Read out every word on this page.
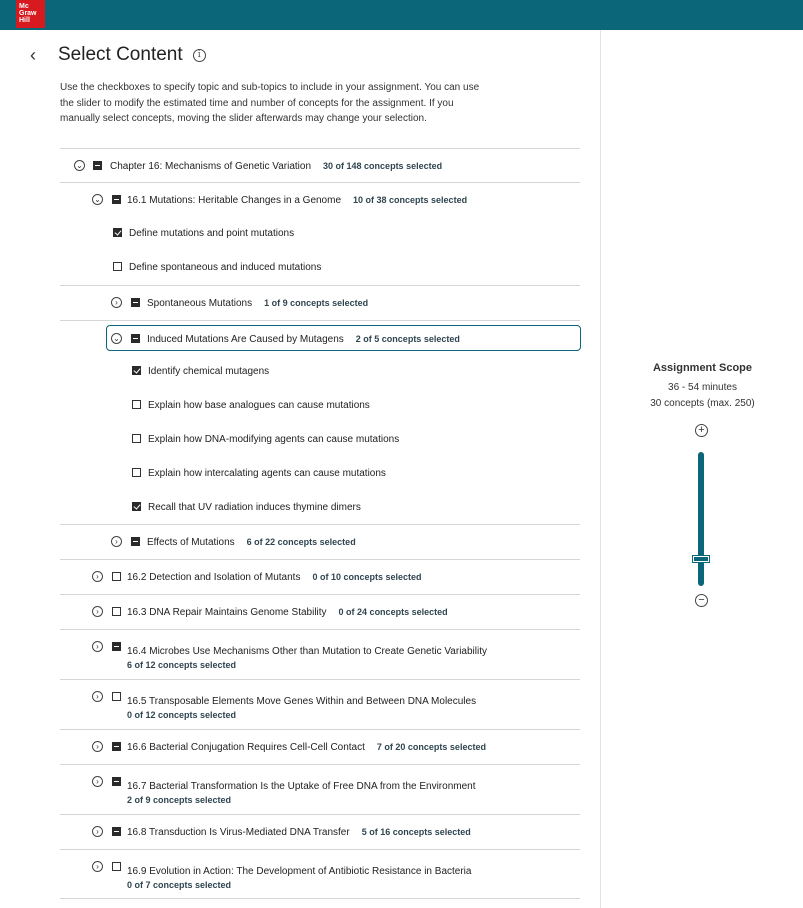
Mc
Graw
Hill
‹	Select Content	i
Use the checkboxes to specify topic and sub-topics to include in your assignment. You can use the slider to modify the estimated time and number of concepts for the assignment. If you manually select concepts, moving the slider afterwards may change your selection.
⌄	Chapter 16: Mechanisms of Genetic Variation 30 of 148 concepts selected
⌄	16.1 Mutations: Heritable Changes in a Genome 10 of 38 concepts selected
Define mutations and point mutations
Define spontaneous and induced mutations
›	Spontaneous Mutations 1 of 9 concepts selected
⌄	Induced Mutations Are Caused by Mutagens 2 of 5 concepts selected
Identify chemical mutagens
Explain how base analogues can cause mutations
Explain how DNA-modifying agents can cause mutations
Explain how intercalating agents can cause mutations
Recall that UV radiation induces thymine dimers
›	Effects of Mutations 6 of 22 concepts selected
›	16.2 Detection and Isolation of Mutants 0 of 10 concepts selected
›	16.3 DNA Repair Maintains Genome Stability 0 of 24 concepts selected
›	16.4 Microbes Use Mechanisms Other than Mutation to Create Genetic Variability
6 of 12 concepts selected
›	16.5 Transposable Elements Move Genes Within and Between DNA Molecules
0 of 12 concepts selected
›	16.6 Bacterial Conjugation Requires Cell-Cell Contact 7 of 20 concepts selected
›	16.7 Bacterial Transformation Is the Uptake of Free DNA from the Environment
2 of 9 concepts selected
›	16.8 Transduction Is Virus-Mediated DNA Transfer 5 of 16 concepts selected
›	16.9 Evolution in Action: The Development of Antibiotic Resistance in Bacteria
0 of 7 concepts selected
Assignment Scope
36 - 54 minutes
30 concepts (max. 250)
+
−
